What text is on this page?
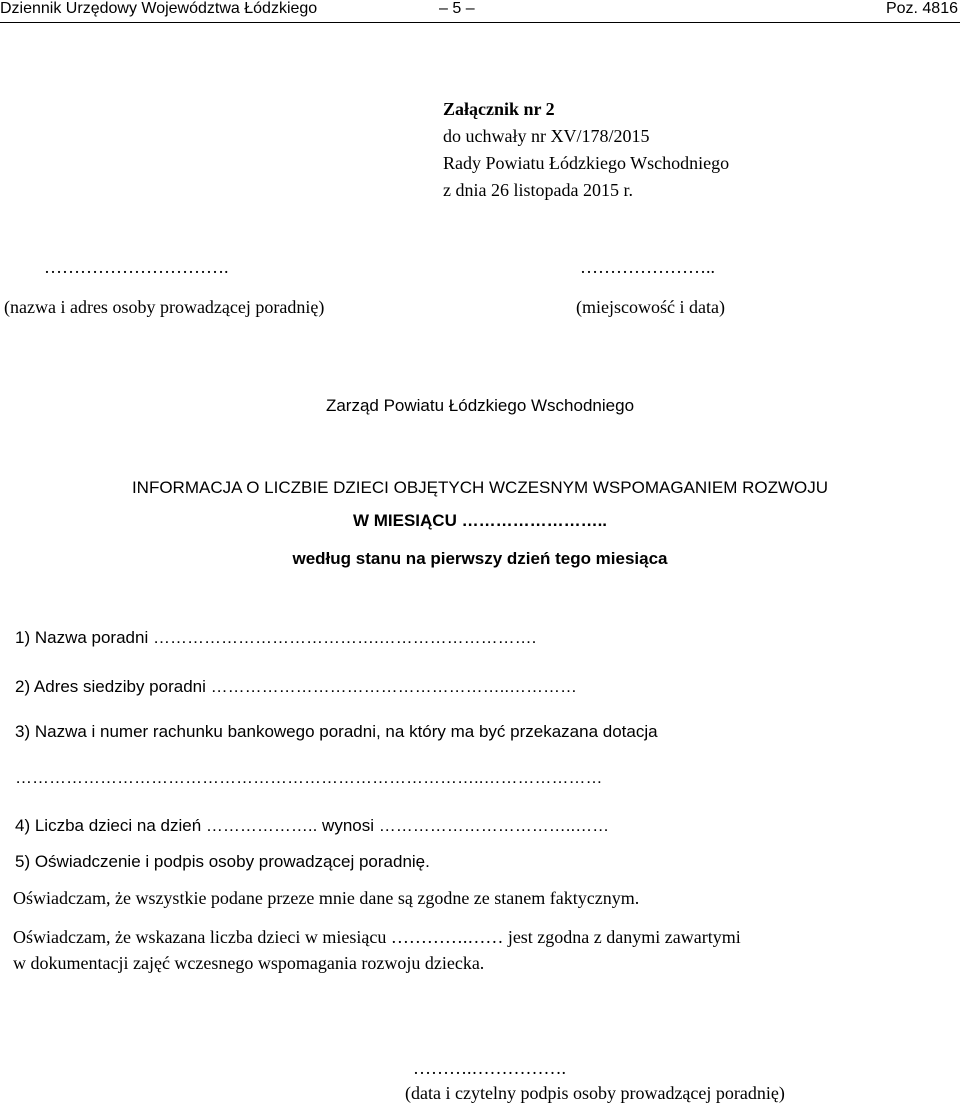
Dziennik Urzędowy Województwa Łódzkiego	– 5 –	Poz. 4816
Załącznik nr 2
do uchwały nr XV/178/2015
Rady Powiatu Łódzkiego Wschodniego
z dnia 26 listopada 2015 r.
………………………….
(nazwa i adres osoby prowadzącej poradnię)
…………………..
(miejscowość i data)
Zarząd Powiatu Łódzkiego Wschodniego
INFORMACJA O LICZBIE DZIECI OBJĘTYCH WCZESNYM WSPOMAGANIEM ROZWOJU
W MIESIĄCU ……………………..
według stanu na pierwszy dzień tego miesiąca
1) Nazwa poradni ………………………………….……………………….
2) Adres siedziby poradni ……………………………………………..…………
3) Nazwa i numer rachunku bankowego poradni, na który ma być przekazana dotacja
………………………………………………………………………..…………………
4) Liczba dzieci na dzień ……………….. wynosi ……………………………..……
5) Oświadczenie i podpis osoby prowadzącej poradnię.
Oświadczam, że wszystkie podane przeze mnie dane są zgodne ze stanem faktycznym.
Oświadczam, że wskazana liczba dzieci w miesiącu ………….…… jest zgodna z danymi zawartymi
w dokumentacji zajęć wczesnego wspomagania rozwoju dziecka.
……….…………….
(data i czytelny podpis osoby prowadzącej poradnię)
